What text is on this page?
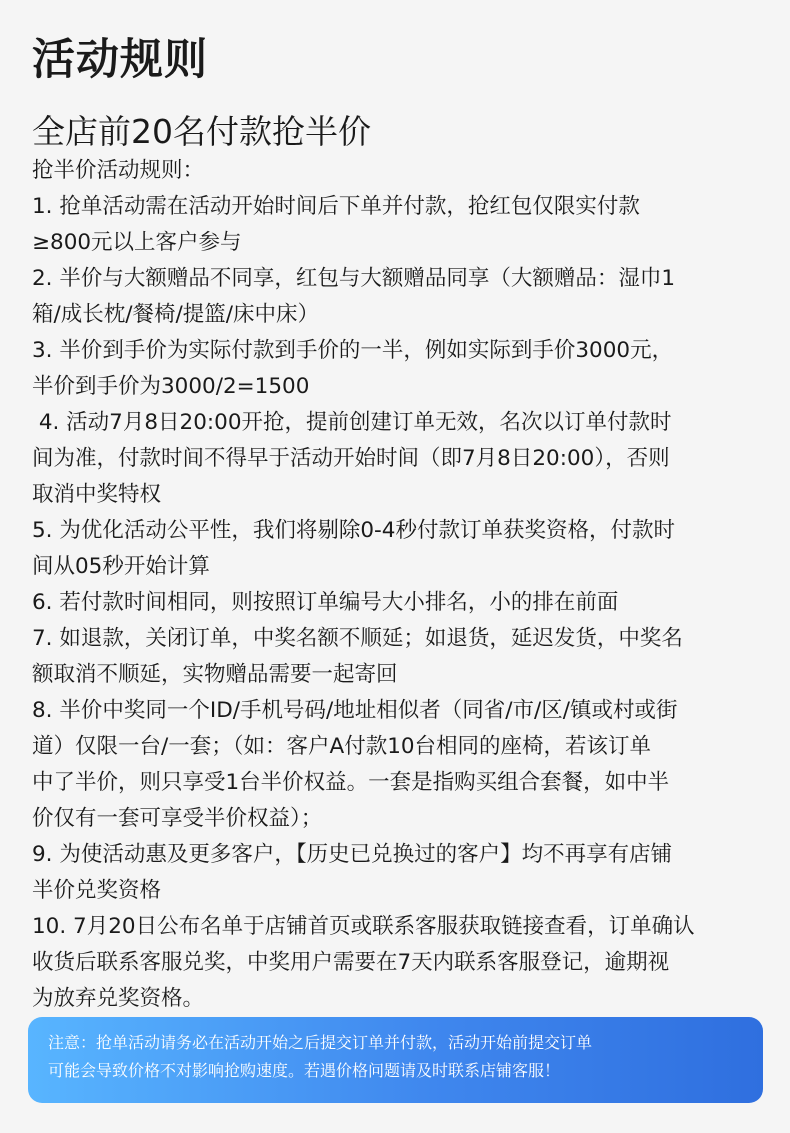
活动规则
全店前20名付款抢半价
抢半价活动规则：
1. 抢单活动需在活动开始时间后下单并付款，抢红包仅限实付款
≥800元以上客户参与
2. 半价与大额赠品不同享，红包与大额赠品同享（大额赠品：湿巾1
箱/成长枕/餐椅/提篮/床中床）
3. 半价到手价为实际付款到手价的一半，例如实际到手价3000元，
半价到手价为3000/2=1500
4. 活动7月8日20:00开抢，提前创建订单无效，名次以订单付款时
间为准，付款时间不得早于活动开始时间（即7月8日20:00），否则
取消中奖特权
5. 为优化活动公平性，我们将剔除0-4秒付款订单获奖资格，付款时
间从05秒开始计算
6. 若付款时间相同，则按照订单编号大小排名，小的排在前面
7. 如退款，关闭订单，中奖名额不顺延；如退货，延迟发货，中奖名
额取消不顺延，实物赠品需要一起寄回
8. 半价中奖同一个ID/手机号码/地址相似者（同省/市/区/镇或村或街
道）仅限一台/一套；（如：客户A付款10台相同的座椅，若该订单
中了半价，则只享受1台半价权益。一套是指购买组合套餐，如中半
价仅有一套可享受半价权益）；
9. 为使活动惠及更多客户，【历史已兑换过的客户】均不再享有店铺
半价兑奖资格
10. 7月20日公布名单于店铺首页或联系客服获取链接查看，订单确认
收货后联系客服兑奖，中奖用户需要在7天内联系客服登记，逾期视
为放弃兑奖资格。
注意：抢单活动请务必在活动开始之后提交订单并付款，活动开始前提交订单
可能会导致价格不对影响抢购速度。若遇价格问题请及时联系店铺客服！
